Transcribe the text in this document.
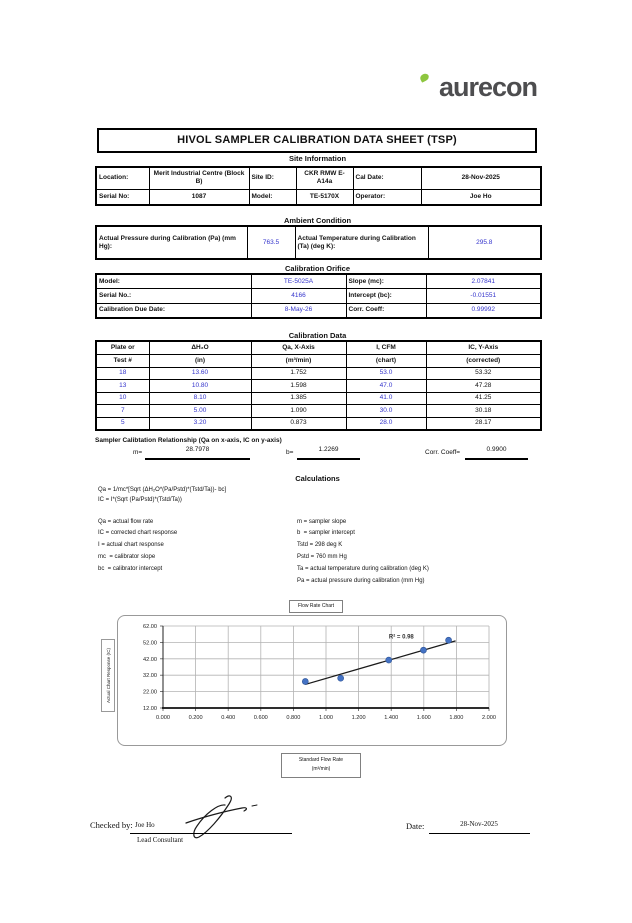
aurecon
HIVOL SAMPLER CALIBRATION DATA SHEET (TSP)
Site Information
Location:	Merit Industrial Centre (Block B)	Site ID:	CKR RMW E-A14a	Cal Date:	28-Nov-2025
Serial No:	1087	Model:	TE-5170X	Operator:	Joe Ho
Ambient Condition
Actual Pressure during Calibration (Pa) (mm Hg):	763.5	Actual Temperature during Calibration (Ta) (deg K):	295.8
Calibration Orifice
Model:	TE-5025A	Slope (mc):	2.07841
Serial No.:	4166	Intercept (bc):	-0.01551
Calibration Due Date:	8-May-26	Corr. Coeff:	0.99992
Calibration Data
Plate or	ΔH₂O	Qa, X-Axis	I, CFM	IC, Y-Axis
Test #	(in)	(m³/min)	(chart)	(corrected)
18	13.60	1.752	53.0	53.32
13	10.80	1.598	47.0	47.28
10	8.10	1.385	41.0	41.25
7	5.00	1.090	30.0	30.18
5	3.20	0.873	28.0	28.17
Sampler Calibtation Relationship (Qa on x-axis, IC on y-axis)
m=	28.7978	b=	1.2269	Corr. Coeff=	0.9900
Calculations
Qa = 1/mc*[Sqrt (ΔH₂O*(Pa/Pstd)*(Tstd/Ta))- bc]
IC = I*(Sqrt (Pa/Pstd)*(Tstd/Ta))
Qa = actual flow rate
IC = corrected chart response
I = actual chart response
mc  = calibrator slope
bc  = calibrator intercept
m = sampler slope
b  = sampler intercept
Tstd = 298 deg K
Pstd = 760 mm Hg
Ta = actual temperature during calibration (deg K)
Pa = actual pressure during calibration (mm Hg)
Flow Rate Chart
Actual Chart Response (IC)
0.000	0.200	0.400	0.600	0.800	1.000	1.200	1.400	1.600	1.800	2.000
12.00
22.00
32.00
42.00
52.00
62.00
R² = 0.98
Standard Flow Rate
(m³/min)
Checked by: Joe Ho
Lead Consultant
Date:	28-Nov-2025
